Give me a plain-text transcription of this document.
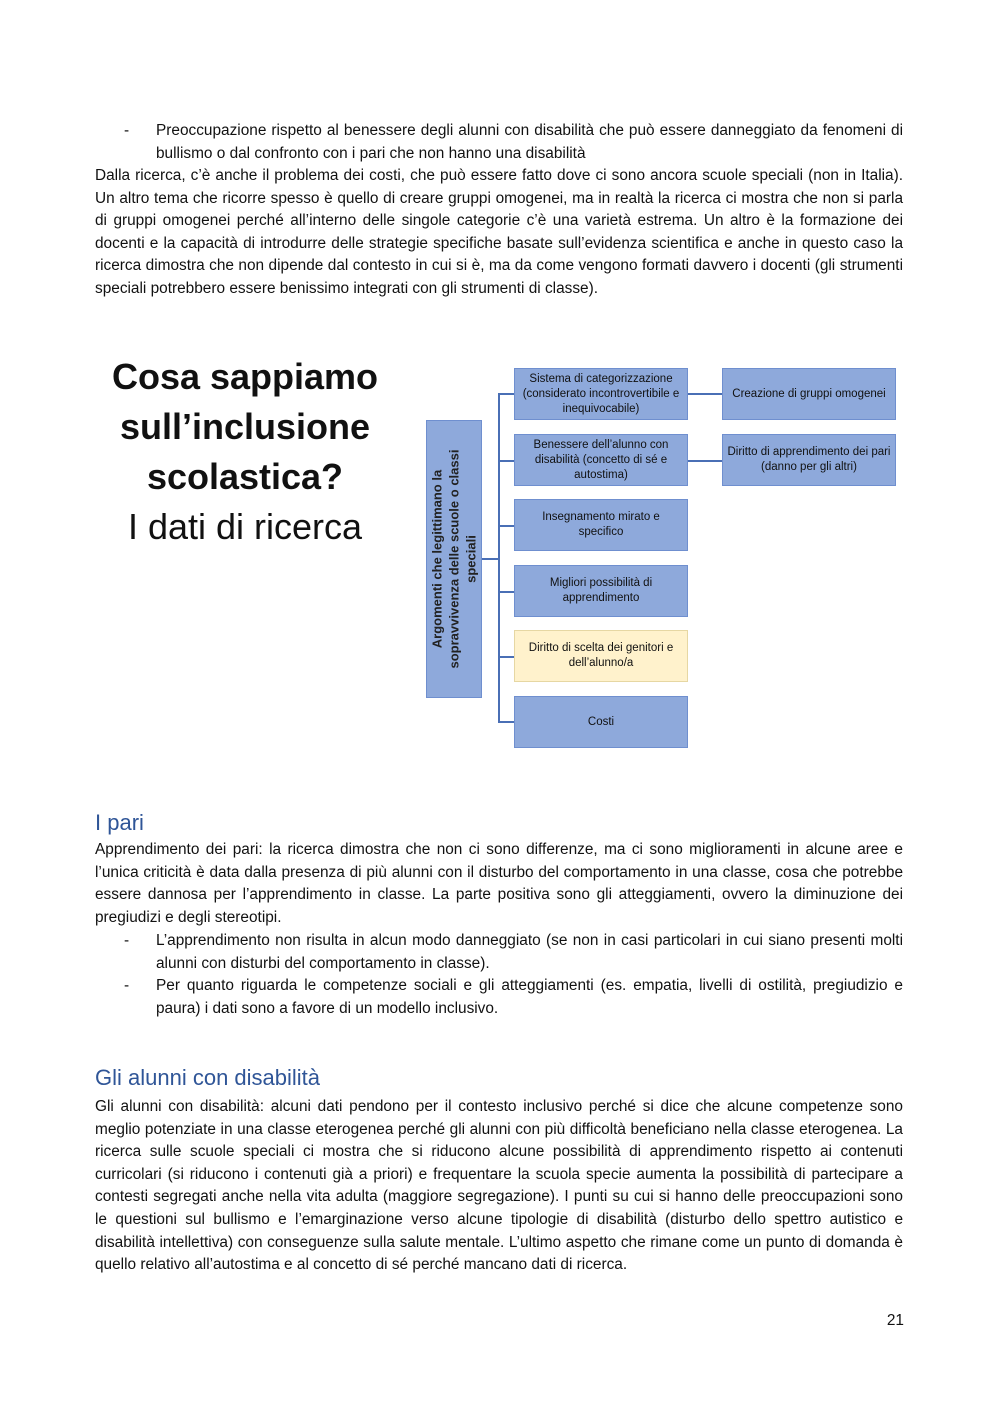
- Preoccupazione rispetto al benessere degli alunni con disabilità che può essere danneggiato da fenomeni di bullismo o dal confronto con i pari che non hanno una disabilità

Dalla ricerca, c’è anche il problema dei costi, che può essere fatto dove ci sono ancora scuole speciali (non in Italia). Un altro tema che ricorre spesso è quello di creare gruppi omogenei, ma in realtà la ricerca ci mostra che non si parla di gruppi omogenei perché all’interno delle singole categorie c’è una varietà estrema. Un altro è la formazione dei docenti e la capacità di introdurre delle strategie specifiche basate sull’evidenza scientifica e anche in questo caso la ricerca dimostra che non dipende dal contesto in cui si è, ma da come vengono formati davvero i docenti (gli strumenti speciali potrebbero essere benissimo integrati con gli strumenti di classe).

Cosa sappiamo
sull’inclusione
scolastica?
I dati di ricerca	Argomenti che legittimano la sopravvivenza delle scuole o classi speciali
Sistema di categorizzazione (considerato incontrovertibile e inequivocabile)
Benessere dell’alunno con disabilità (concetto di sé e autostima)
Insegnamento mirato e specifico
Migliori possibilità di apprendimento
Diritto di scelta dei genitori e dell’alunno/a
Costi
Creazione di gruppi omogenei
Diritto di apprendimento dei pari (danno per gli altri)
I pari

Apprendimento dei pari: la ricerca dimostra che non ci sono differenze, ma ci sono miglioramenti in alcune aree e l’unica criticità è data dalla presenza di più alunni con il disturbo del comportamento in una classe, cosa che potrebbe essere dannosa per l’apprendimento in classe. La parte positiva sono gli atteggiamenti, ovvero la diminuzione dei pregiudizi e degli stereotipi.

- L’apprendimento non risulta in alcun modo danneggiato (se non in casi particolari in cui siano presenti molti alunni con disturbi del comportamento in classe).
- Per quanto riguarda le competenze sociali e gli atteggiamenti (es. empatia, livelli di ostilità, pregiudizio e paura) i dati sono a favore di un modello inclusivo.
Gli alunni con disabilità

Gli alunni con disabilità: alcuni dati pendono per il contesto inclusivo perché si dice che alcune competenze sono meglio potenziate in una classe eterogenea perché gli alunni con più difficoltà beneficiano nella classe eterogenea. La ricerca sulle scuole speciali ci mostra che si riducono alcune possibilità di apprendimento rispetto ai contenuti curricolari (si riducono i contenuti già a priori) e frequentare la scuola specie aumenta la possibilità di partecipare a contesti segregati anche nella vita adulta (maggiore segregazione). I punti su cui si hanno delle preoccupazioni sono le questioni sul bullismo e l’emarginazione verso alcune tipologie di disabilità (disturbo dello spettro autistico e disabilità intellettiva) con conseguenze sulla salute mentale. L’ultimo aspetto che rimane come un punto di domanda è quello relativo all’autostima e al concetto di sé perché mancano dati di ricerca.

21
